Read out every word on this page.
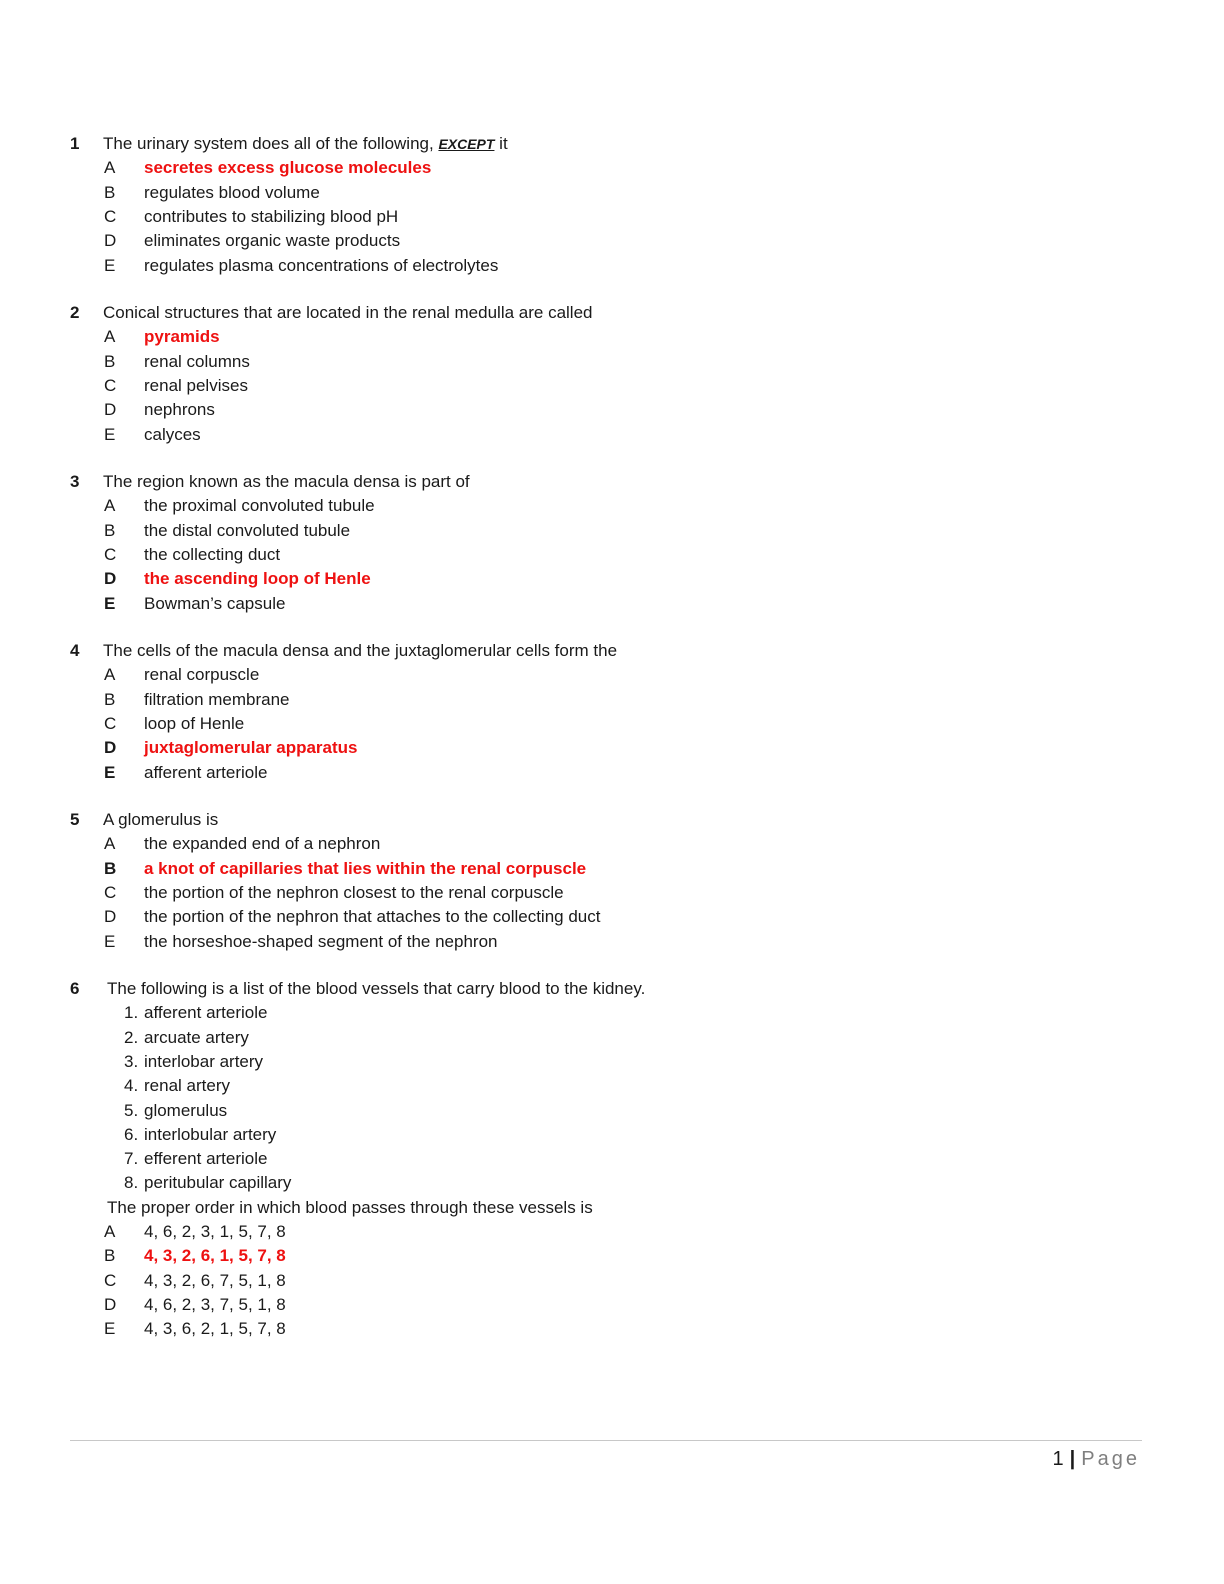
1 The urinary system does all of the following, EXCEPT it
A secretes excess glucose molecules
B regulates blood volume
C contributes to stabilizing blood pH
D eliminates organic waste products
E regulates plasma concentrations of electrolytes
2 Conical structures that are located in the renal medulla are called
A pyramids
B renal columns
C renal pelvises
D nephrons
E calyces
3 The region known as the macula densa is part of
A the proximal convoluted tubule
B the distal convoluted tubule
C the collecting duct
D the ascending loop of Henle
E Bowman’s capsule
4 The cells of the macula densa and the juxtaglomerular cells form the
A renal corpuscle
B filtration membrane
C loop of Henle
D juxtaglomerular apparatus
E afferent arteriole
5 A glomerulus is
A the expanded end of a nephron
B a knot of capillaries that lies within the renal corpuscle
C the portion of the nephron closest to the renal corpuscle
D the portion of the nephron that attaches to the collecting duct
E the horseshoe-shaped segment of the nephron
6 The following is a list of the blood vessels that carry blood to the kidney.
1. afferent arteriole
2. arcuate artery
3. interlobar artery
4. renal artery
5. glomerulus
6. interlobular artery
7. efferent arteriole
8. peritubular capillary
The proper order in which blood passes through these vessels is
A 4, 6, 2, 3, 1, 5, 7, 8
B 4, 3, 2, 6, 1, 5, 7, 8
C 4, 3, 2, 6, 7, 5, 1, 8
D 4, 6, 2, 3, 7, 5, 1, 8
E 4, 3, 6, 2, 1, 5, 7, 8
1 | Page
